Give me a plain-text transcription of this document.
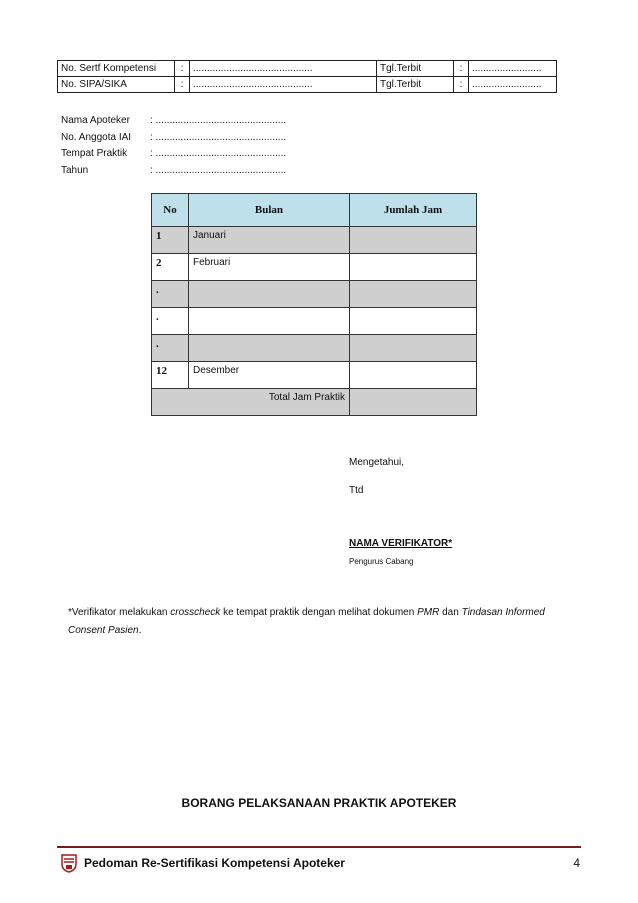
No. Sertf Kompetensi	:	...........................................	Tgl.Terbit	:	.........................
No. SIPA/SIKA	:	...........................................	Tgl.Terbit	:	.........................
Nama Apoteker	: ...............................................
No. Anggota IAI	: ...............................................
Tempat Praktik	: ...............................................
Tahun	: ...............................................
No	Bulan	Jumlah Jam
1	Januari	
2	Februari	
.		
.		
.		
12	Desember	
Total Jam Praktik		
Mengetahui,
Ttd
NAMA VERIFIKATOR*
Pengurus Cabang
*Verifikator melakukan crosscheck ke tempat praktik dengan melihat dokumen PMR dan Tindasan Informed Consent Pasien.
BORANG PELAKSANAAN PRAKTIK APOTEKER
Pedoman Re-Sertifikasi Kompetensi Apoteker	4
